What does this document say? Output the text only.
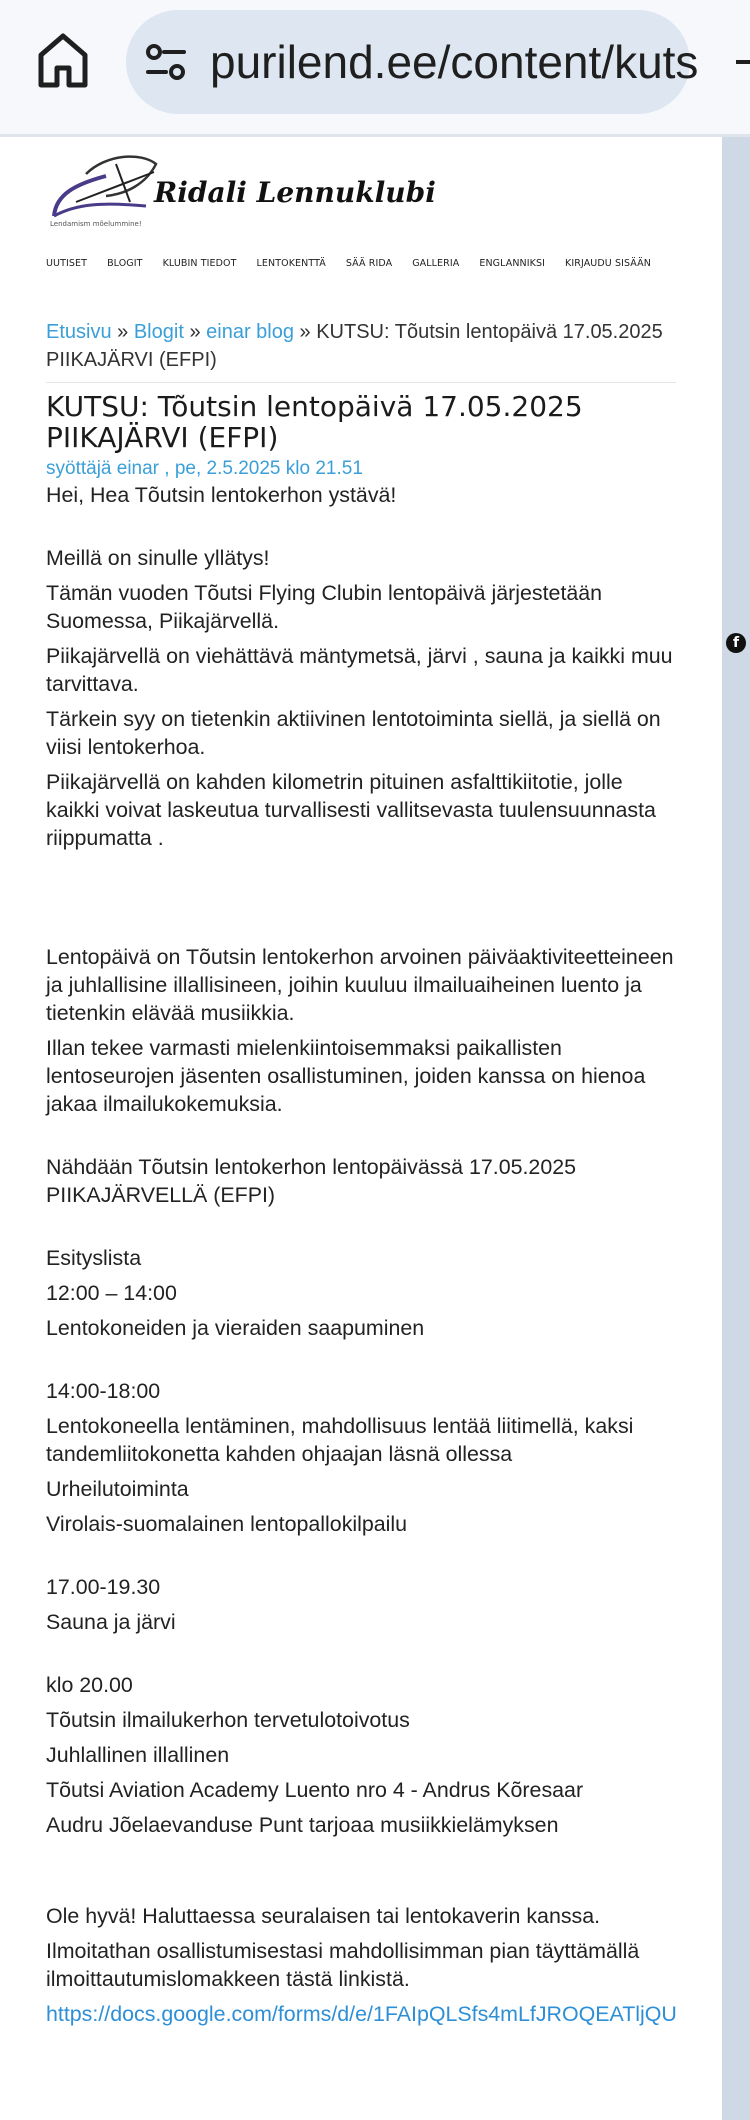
purilend.ee/content/kuts
f
Ridali Lennuklubi
Lendamism mõelummine!
UUTISET BLOGIT KLUBIN TIEDOT LENTOKENTTÄ SÄÄ RIDA GALLERIA ENGLANNIKSI KIRJAUDU SISÄÄN

Etusivu » Blogit » einar blog » KUTSU: Tõutsin lentopäivä 17.05.2025 PIIKAJÄRVI (EFPI)

KUTSU: Tõutsin lentopäivä 17.05.2025 PIIKAJÄRVI (EFPI)

syöttäjä einar , pe, 2.5.2025 klo 21.51

Hei, Hea Tõutsin lentokerhon ystävä!

Meillä on sinulle yllätys!

Tämän vuoden Tõutsi Flying Clubin lentopäivä järjestetään Suomessa, Piikajärvellä.

Piikajärvellä on viehättävä mäntymetsä, järvi , sauna ja kaikki muu tarvittava.

Tärkein syy on tietenkin aktiivinen lentotoiminta siellä, ja siellä on viisi lentokerhoa.

Piikajärvellä on kahden kilometrin pituinen asfalttikiitotie, jolle kaikki voivat laskeutua turvallisesti vallitsevasta tuulensuunnasta riippumatta .

Lentopäivä on Tõutsin lentokerhon arvoinen päiväaktiviteetteineen ja juhlallisine illallisineen, joihin kuuluu ilmailuaiheinen luento ja tietenkin elävää musiikkia.

Illan tekee varmasti mielenkiintoisemmaksi paikallisten lentoseurojen jäsenten osallistuminen, joiden kanssa on hienoa jakaa ilmailukokemuksia.

Nähdään Tõutsin lentokerhon lentopäivässä 17.05.2025 PIIKAJÄRVELLÄ (EFPI)

Esityslista

12:00 – 14:00

Lentokoneiden ja vieraiden saapuminen

14:00-18:00

Lentokoneella lentäminen, mahdollisuus lentää liitimellä, kaksi tandemliitokonetta kahden ohjaajan läsnä ollessa

Urheilutoiminta

Virolais-suomalainen lentopallokilpailu

17.00-19.30

Sauna ja järvi

klo 20.00

Tõutsin ilmailukerhon tervetulotoivotus

Juhlallinen illallinen

Tõutsi Aviation Academy Luento nro 4 - Andrus Kõresaar

Audru Jõelaevanduse Punt tarjoaa musiikkielämyksen

Ole hyvä! Haluttaessa seuralaisen tai lentokaverin kanssa.

Ilmoitathan osallistumisestasi mahdollisimman pian täyttämällä ilmoittautumislomakkeen tästä linkistä.

https://docs.google.com/forms/d/e/1FAIpQLSfs4mLfJROQEATljQU
